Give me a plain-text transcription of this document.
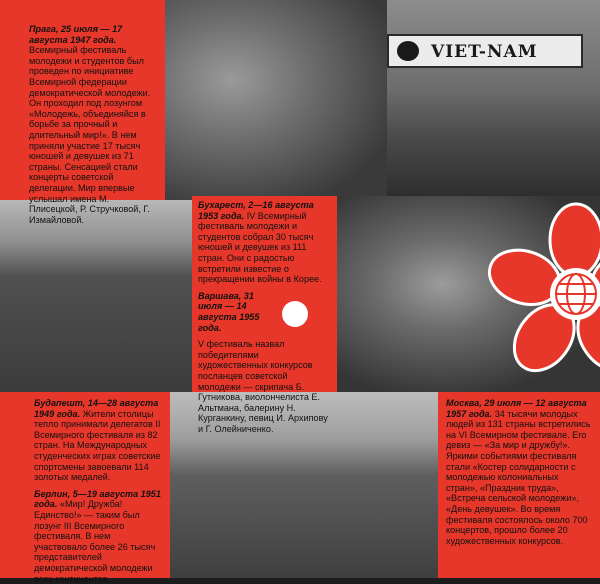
VIET-NAM

Прага, 25 июля — 17 августа 1947 года. Всемирный фестиваль молодежи и студентов был проведен по инициативе Всемирной федерации демократической молодежи. Он проходил под лозунгом «Молодежь, объединяйся в борьбе за прочный и длительный мир!». В нем приняли участие 17 тысяч юношей и девушек из 71 страны. Сенсацией стали концерты советской делегации. Мир впервые услышал имена М. Плисецкой, Р. Стручковой, Г. Измайловой.

Бухарест, 2—16 августа 1953 года. IV Всемирный фестиваль молодежи и студентов собрал 30 тысяч юношей и девушек из 111 стран. Они с радостью встретили известие о прекращении войны в Корее.

Варшава, 31 июля — 14 августа 1955 года.

V фестиваль назвал победителями художественных конкурсов посланцев советской молодежи — скрипача Б. Гутникова, виолончелиста Е. Альтмана, балерину Н. Курганкину, певиц И. Архипову и Г. Олейниченко.

Будапешт, 14—28 августа 1949 года. Жители столицы тепло принимали делегатов II Всемирного фестиваля из 82 стран. На Международных студенческих играх советские спортсмены завоевали 114 золотых медалей.

Берлин, 5—19 августа 1951 года. «Мир! Дружба! Единство!» — таким был лозунг III Всемирного фестиваля. В нем участвовало более 26 тысяч представителей демократической молодежи всех континентов.

Москва, 29 июля — 12 августа 1957 года. 34 тысячи молодых людей из 131 страны встретились на VI Всемирном фестивале. Его девиз — «За мир и дружбу!». Яркими событиями фестиваля стали «Костер солидарности с молодежью колониальных стран», «Праздник труда», «Встреча сельской молодежи», «День девушек». Во время фестиваля состоялось около 700 концертов, прошло более 20 художественных конкурсов.
